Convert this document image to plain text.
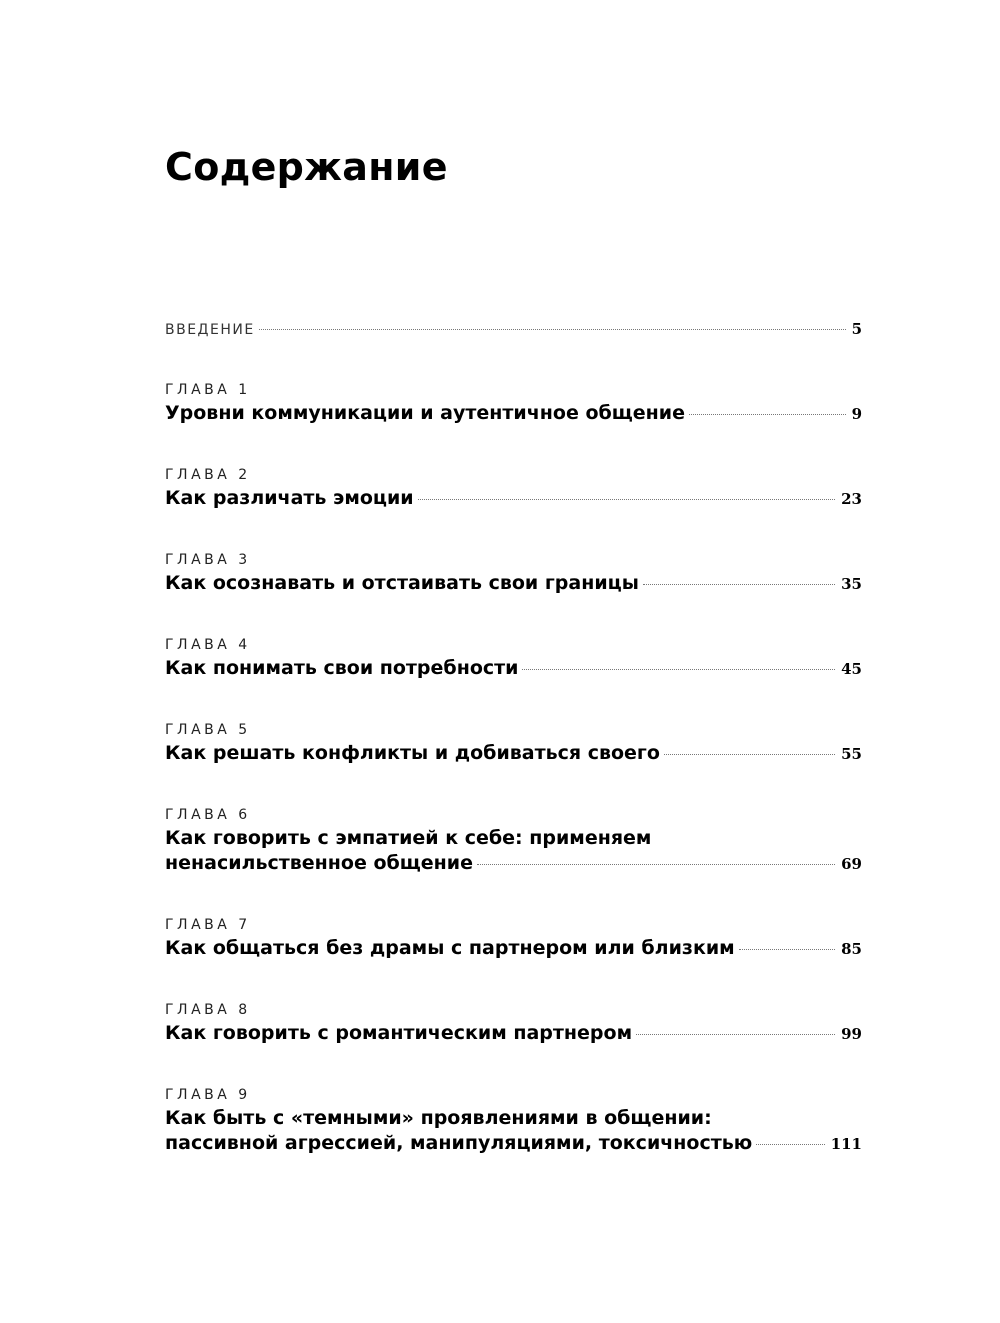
Содержание
ВВЕДЕНИЕ	5
ГЛАВА 1
Уровни коммуникации и аутентичное общение	9
ГЛАВА 2
Как различать эмоции	23
ГЛАВА 3
Как осознавать и отстаивать свои границы	35
ГЛАВА 4
Как понимать свои потребности	45
ГЛАВА 5
Как решать конфликты и добиваться своего	55
ГЛАВА 6
Как говорить с эмпатией к себе: применяем
ненасильственное общение	69
ГЛАВА 7
Как общаться без драмы с партнером или близким	85
ГЛАВА 8
Как говорить с романтическим партнером	99
ГЛАВА 9
Как быть с «темными» проявлениями в общении:
пассивной агрессией, манипуляциями, токсичностью	111
